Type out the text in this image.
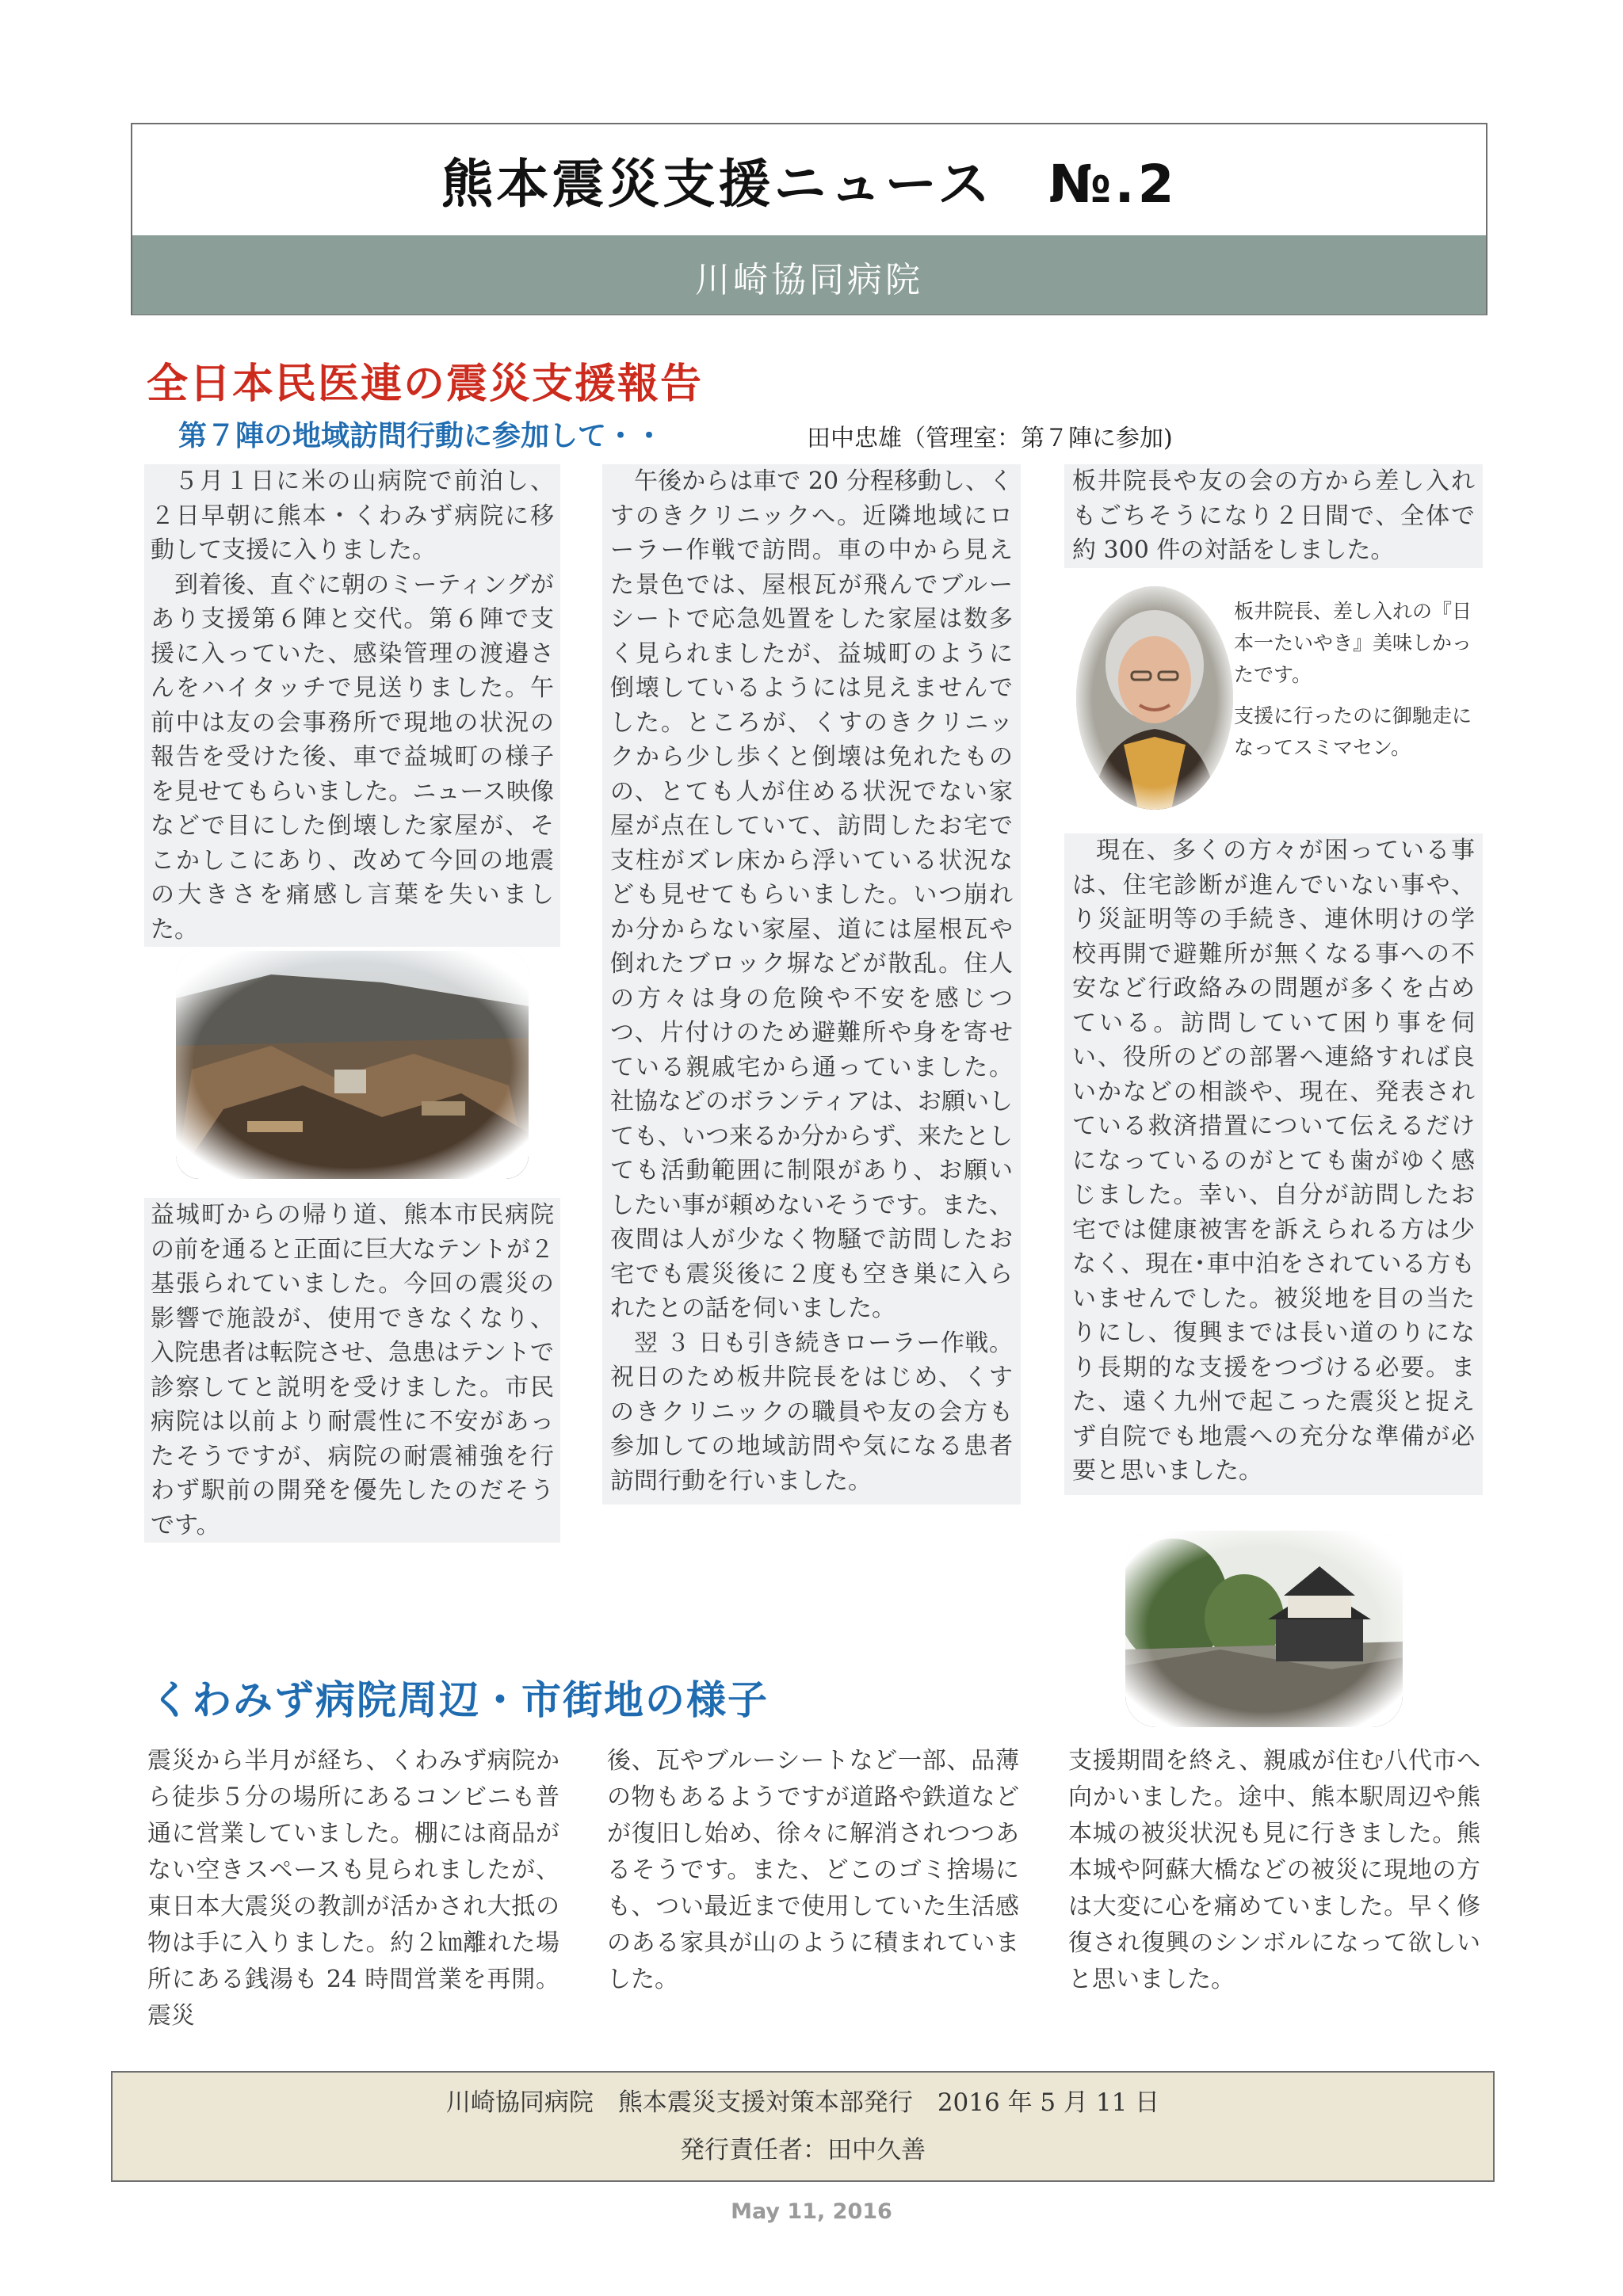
熊本震災支援ニュース　№.2
川崎協同病院
全日本民医連の震災支援報告
第７陣の地域訪問行動に参加して・・	田中忠雄（管理室：第７陣に参加)

５月１日に米の山病院で前泊し、２日早朝に熊本・くわみず病院に移動して支援に入りました。

到着後、直ぐに朝のミーティングがあり支援第６陣と交代。第６陣で支援に入っていた、感染管理の渡邉さんをハイタッチで見送りました。午前中は友の会事務所で現地の状況の報告を受けた後、車で益城町の様子を見せてもらいました。ニュース映像などで目にした倒壊した家屋が、そこかしこにあり、改めて今回の地震の大きさを痛感し言葉を失いました。

益城町からの帰り道、熊本市民病院の前を通ると正面に巨大なテントが２基張られていました。今回の震災の影響で施設が、使用できなくなり、入院患者は転院させ、急患はテントで診察してと説明を受けました。市民病院は以前より耐震性に不安があったそうですが、病院の耐震補強を行わず駅前の開発を優先したのだそうです。

午後からは車で 20 分程移動し、くすのきクリニックへ。近隣地域にローラー作戦で訪問。車の中から見えた景色では、屋根瓦が飛んでブルーシートで応急処置をした家屋は数多く見られましたが、益城町のように倒壊しているようには見えませんでした。ところが、くすのきクリニックから少し歩くと倒壊は免れたものの、とても人が住める状況でない家屋が点在していて、訪問したお宅で支柱がズレ床から浮いている状況なども見せてもらいました。いつ崩れか分からない家屋、道には屋根瓦や倒れたブロック塀などが散乱。住人の方々は身の危険や不安を感じつつ、片付けのため避難所や身を寄せている親戚宅から通っていました。社協などのボランティアは、お願いしても、いつ来るか分からず、来たとしても活動範囲に制限があり、お願いしたい事が頼めないそうです。また、夜間は人が少なく物騒で訪問したお宅でも震災後に２度も空き巣に入られたとの話を伺いました。

翌 ３ 日も引き続きローラー作戦。祝日のため板井院長をはじめ、くすのきクリニックの職員や友の会方も参加しての地域訪問や気になる患者訪問行動を行いました。

板井院長や友の会の方から差し入れもごちそうになり２日間で、全体で約 300 件の対話をしました。

板井院長、差し入れの『日本一たいやき』美味しかったです。

支援に行ったのに御馳走になってスミマセン。

現在、多くの方々が困っている事は、住宅診断が進んでいない事や、り災証明等の手続き、連休明けの学校再開で避難所が無くなる事への不安など行政絡みの問題が多くを占めている。訪問していて困り事を伺い、役所のどの部署へ連絡すれば良いかなどの相談や、現在、発表されている救済措置について伝えるだけになっているのがとても歯がゆく感じました。幸い、自分が訪問したお宅では健康被害を訴えられる方は少なく、現在･車中泊をされている方もいませんでした。被災地を目の当たりにし、復興までは長い道のりになり長期的な支援をつづける必要。また、遠く九州で起こった震災と捉えず自院でも地震への充分な準備が必要と思いました。

くわみず病院周辺・市街地の様子

震災から半月が経ち、くわみず病院から徒歩５分の場所にあるコンビニも普通に営業していました。棚には商品がない空きスペースも見られましたが、東日本大震災の教訓が活かされ大抵の物は手に入りました。約２㎞離れた場所にある銭湯も 24 時間営業を再開。震災

後、瓦やブルーシートなど一部、品薄の物もあるようですが道路や鉄道などが復旧し始め、徐々に解消されつつあるそうです。また、どこのゴミ捨場にも、つい最近まで使用していた生活感のある家具が山のように積まれていました。

支援期間を終え、親戚が住む八代市へ向かいました。途中、熊本駅周辺や熊本城の被災状況も見に行きました。熊本城や阿蘇大橋などの被災に現地の方は大変に心を痛めていました。早く修復され復興のシンボルになって欲しいと思いました。

川崎協同病院　熊本震災支援対策本部発行　2016 年 5 月 11 日
発行責任者：田中久善
May 11, 2016
